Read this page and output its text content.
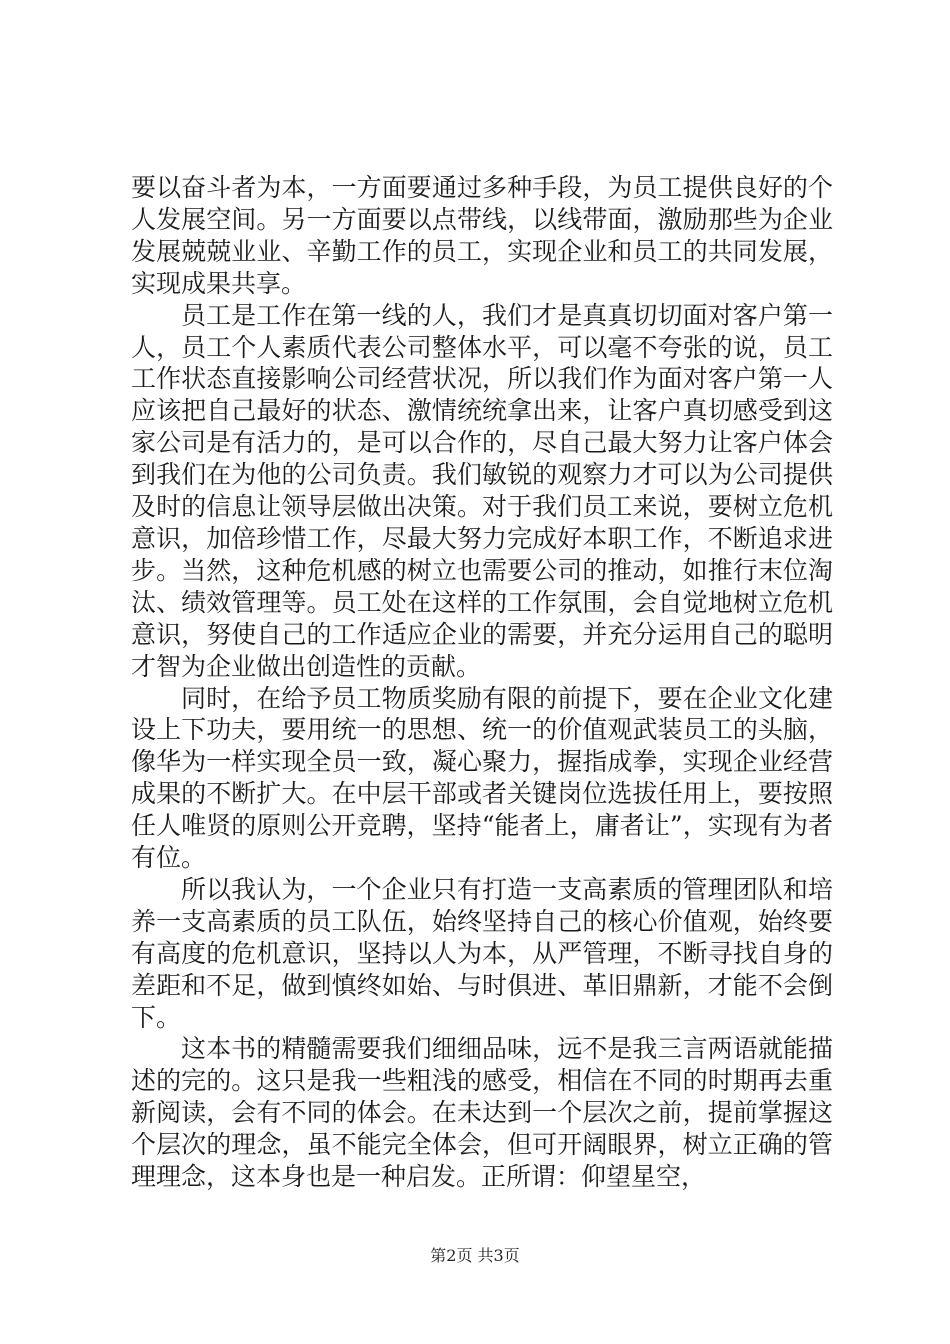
要以奋斗者为本，一方面要通过多种手段，为员工提供良好的个人发展空间。另一方面要以点带线，以线带面，激励那些为企业发展兢兢业业、辛勤工作的员工，实现企业和员工的共同发展，实现成果共享。

员工是工作在第一线的人，我们才是真真切切面对客户第一人，员工个人素质代表公司整体水平，可以毫不夸张的说，员工工作状态直接影响公司经营状况，所以我们作为面对客户第一人应该把自己最好的状态、激情统统拿出来，让客户真切感受到这家公司是有活力的，是可以合作的，尽自己最大努力让客户体会到我们在为他的公司负责。我们敏锐的观察力才可以为公司提供及时的信息让领导层做出决策。对于我们员工来说，要树立危机意识，加倍珍惜工作，尽最大努力完成好本职工作，不断追求进步。当然，这种危机感的树立也需要公司的推动，如推行末位淘汰、绩效管理等。员工处在这样的工作氛围，会自觉地树立危机意识，努使自己的工作适应企业的需要，并充分运用自己的聪明才智为企业做出创造性的贡献。

同时，在给予员工物质奖励有限的前提下，要在企业文化建设上下功夫，要用统一的思想、统一的价值观武装员工的头脑，像华为一样实现全员一致，凝心聚力，握指成拳，实现企业经营成果的不断扩大。在中层干部或者关键岗位选拔任用上，要按照任人唯贤的原则公开竞聘，坚持“能者上，庸者让”，实现有为者有位。

所以我认为，一个企业只有打造一支高素质的管理团队和培养一支高素质的员工队伍，始终坚持自己的核心价值观，始终要有高度的危机意识，坚持以人为本，从严管理，不断寻找自身的差距和不足，做到慎终如始、与时俱进、革旧鼎新，才能不会倒下。

这本书的精髓需要我们细细品味，远不是我三言两语就能描述的完的。这只是我一些粗浅的感受，相信在不同的时期再去重新阅读，会有不同的体会。在未达到一个层次之前，提前掌握这个层次的理念，虽不能完全体会，但可开阔眼界，树立正确的管理理念，这本身也是一种启发。正所谓：仰望星空，

第2页 共3页
